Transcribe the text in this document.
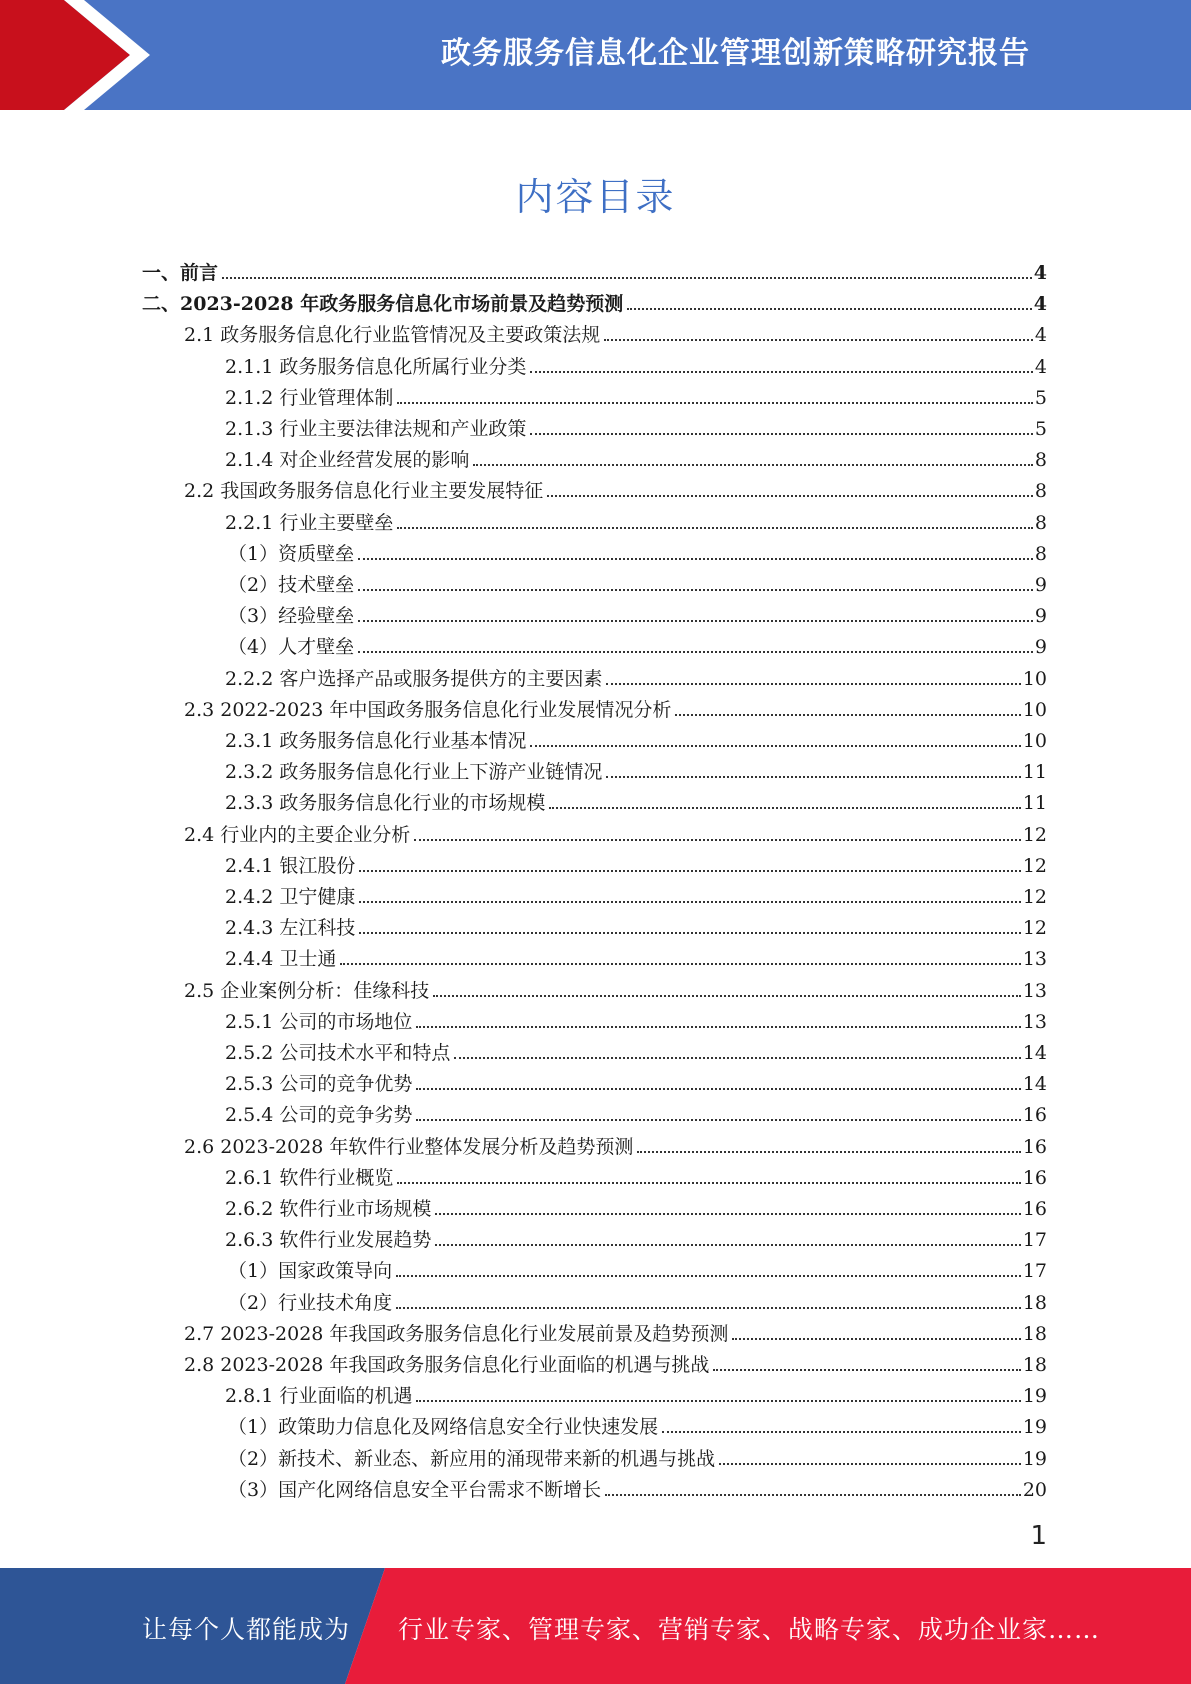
政务服务信息化企业管理创新策略研究报告
内容目录
一、前言	4
二、2023-2028 年政务服务信息化市场前景及趋势预测	4
2.1 政务服务信息化行业监管情况及主要政策法规	4
2.1.1 政务服务信息化所属行业分类	4
2.1.2 行业管理体制	5
2.1.3 行业主要法律法规和产业政策	5
2.1.4 对企业经营发展的影响	8
2.2 我国政务服务信息化行业主要发展特征	8
2.2.1 行业主要壁垒	8
（1）资质壁垒	8
（2）技术壁垒	9
（3）经验壁垒	9
（4）人才壁垒	9
2.2.2 客户选择产品或服务提供方的主要因素	10
2.3 2022-2023 年中国政务服务信息化行业发展情况分析	10
2.3.1 政务服务信息化行业基本情况	10
2.3.2 政务服务信息化行业上下游产业链情况	11
2.3.3 政务服务信息化行业的市场规模	11
2.4 行业内的主要企业分析	12
2.4.1 银江股份	12
2.4.2 卫宁健康	12
2.4.3 左江科技	12
2.4.4 卫士通	13
2.5 企业案例分析：佳缘科技	13
2.5.1 公司的市场地位	13
2.5.2 公司技术水平和特点	14
2.5.3 公司的竞争优势	14
2.5.4 公司的竞争劣势	16
2.6 2023-2028 年软件行业整体发展分析及趋势预测	16
2.6.1 软件行业概览	16
2.6.2 软件行业市场规模	16
2.6.3 软件行业发展趋势	17
（1）国家政策导向	17
（2）行业技术角度	18
2.7 2023-2028 年我国政务服务信息化行业发展前景及趋势预测	18
2.8 2023-2028 年我国政务服务信息化行业面临的机遇与挑战	18
2.8.1 行业面临的机遇	19
（1）政策助力信息化及网络信息安全行业快速发展	19
（2）新技术、新业态、新应用的涌现带来新的机遇与挑战	19
（3）国产化网络信息安全平台需求不断增长	20
1
让每个人都能成为 行业专家、管理专家、营销专家、战略专家、成功企业家……
